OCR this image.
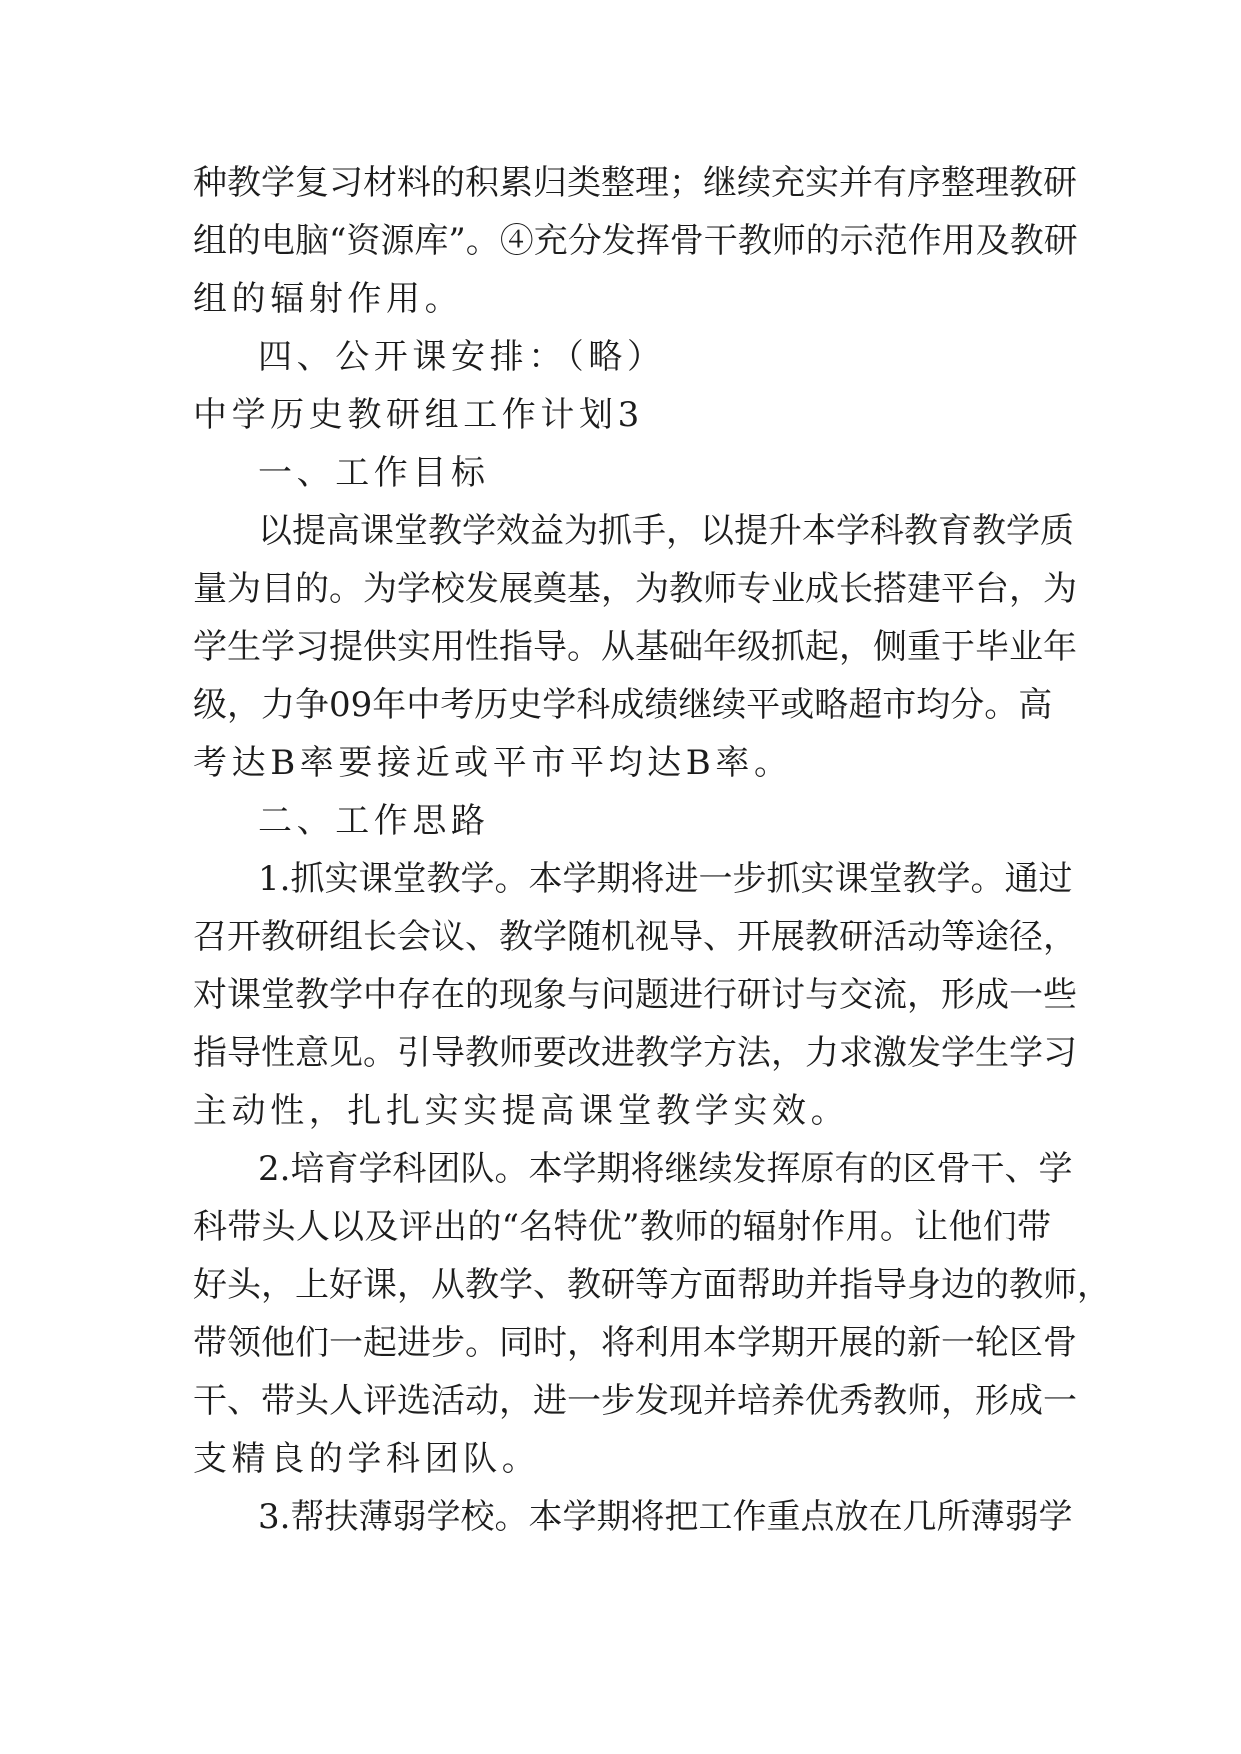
种教学复习材料的积累归类整理；继续充实并有序整理教研
组的电脑“资源库”。④充分发挥骨干教师的示范作用及教研
组的辐射作用。
四、公开课安排：（略）
中学历史教研组工作计划3
一、工作目标
以提高课堂教学效益为抓手，以提升本学科教育教学质
量为目的。为学校发展奠基，为教师专业成长搭建平台，为
学生学习提供实用性指导。从基础年级抓起，侧重于毕业年
级，力争09年中考历史学科成绩继续平或略超市均分。高
考达B率要接近或平市平均达B率。
二、工作思路
1.抓实课堂教学。本学期将进一步抓实课堂教学。通过
召开教研组长会议、教学随机视导、开展教研活动等途径，
对课堂教学中存在的现象与问题进行研讨与交流，形成一些
指导性意见。引导教师要改进教学方法，力求激发学生学习
主动性，扎扎实实提高课堂教学实效。
2.培育学科团队。本学期将继续发挥原有的区骨干、学
科带头人以及评出的“名特优”教师的辐射作用。让他们带
好头，上好课，从教学、教研等方面帮助并指导身边的教师，
带领他们一起进步。同时，将利用本学期开展的新一轮区骨
干、带头人评选活动，进一步发现并培养优秀教师，形成一
支精良的学科团队。
3.帮扶薄弱学校。本学期将把工作重点放在几所薄弱学
